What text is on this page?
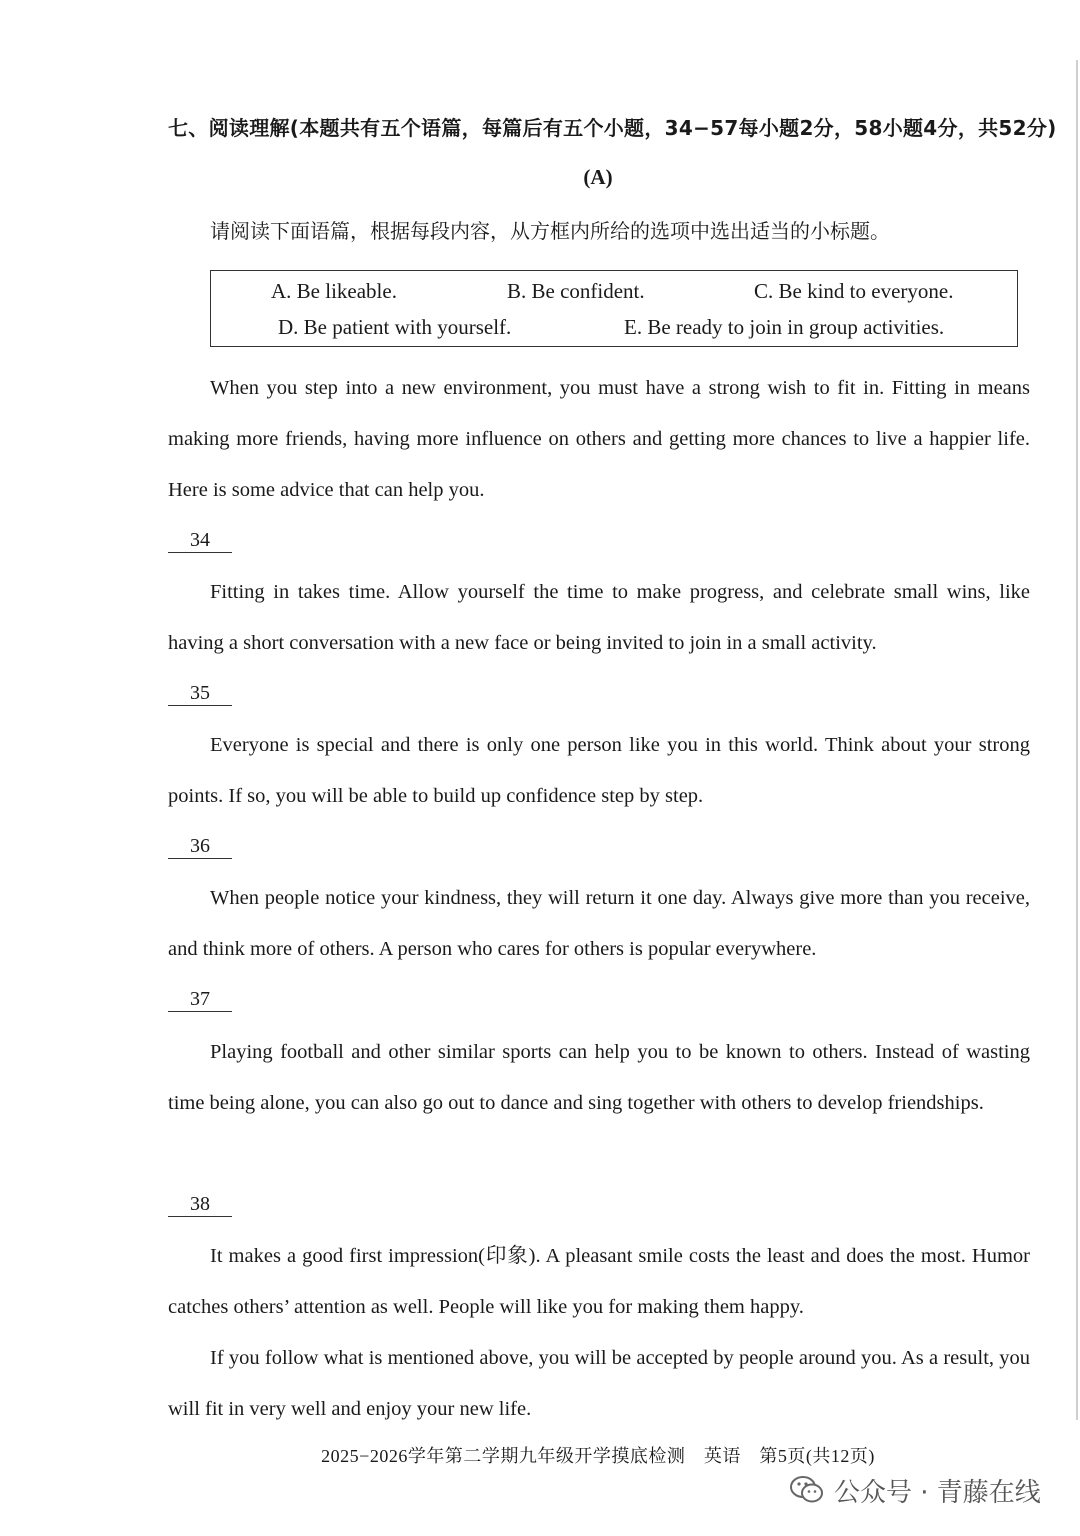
七、阅读理解(本题共有五个语篇，每篇后有五个小题，34−57每小题2分，58小题4分，共52分)
(A)
请阅读下面语篇，根据每段内容，从方框内所给的选项中选出适当的小标题。
A. Be likeable.	B. Be confident.	C. Be kind to everyone.
D. Be patient with yourself.	E. Be ready to join in group activities.
When you step into a new environment, you must have a strong wish to fit in. Fitting in means making more friends, having more influence on others and getting more chances to live a happier life. Here is some advice that can help you.
34
Fitting in takes time. Allow yourself the time to make progress, and celebrate small wins, like having a short conversation with a new face or being invited to join in a small activity.
35
Everyone is special and there is only one person like you in this world. Think about your strong points. If so, you will be able to build up confidence step by step.
36
When people notice your kindness, they will return it one day. Always give more than you receive, and think more of others. A person who cares for others is popular everywhere.
37
Playing football and other similar sports can help you to be known to others. Instead of wasting time being alone, you can also go out to dance and sing together with others to develop friendships.
38
It makes a good first impression(印象). A pleasant smile costs the least and does the most. Humor catches others’ attention as well. People will like you for making them happy.
If you follow what is mentioned above, you will be accepted by people around you. As a result, you will fit in very well and enjoy your new life.
2025−2026学年第二学期九年级开学摸底检测　英语　第5页(共12页)
公众号 · 青藤在线
